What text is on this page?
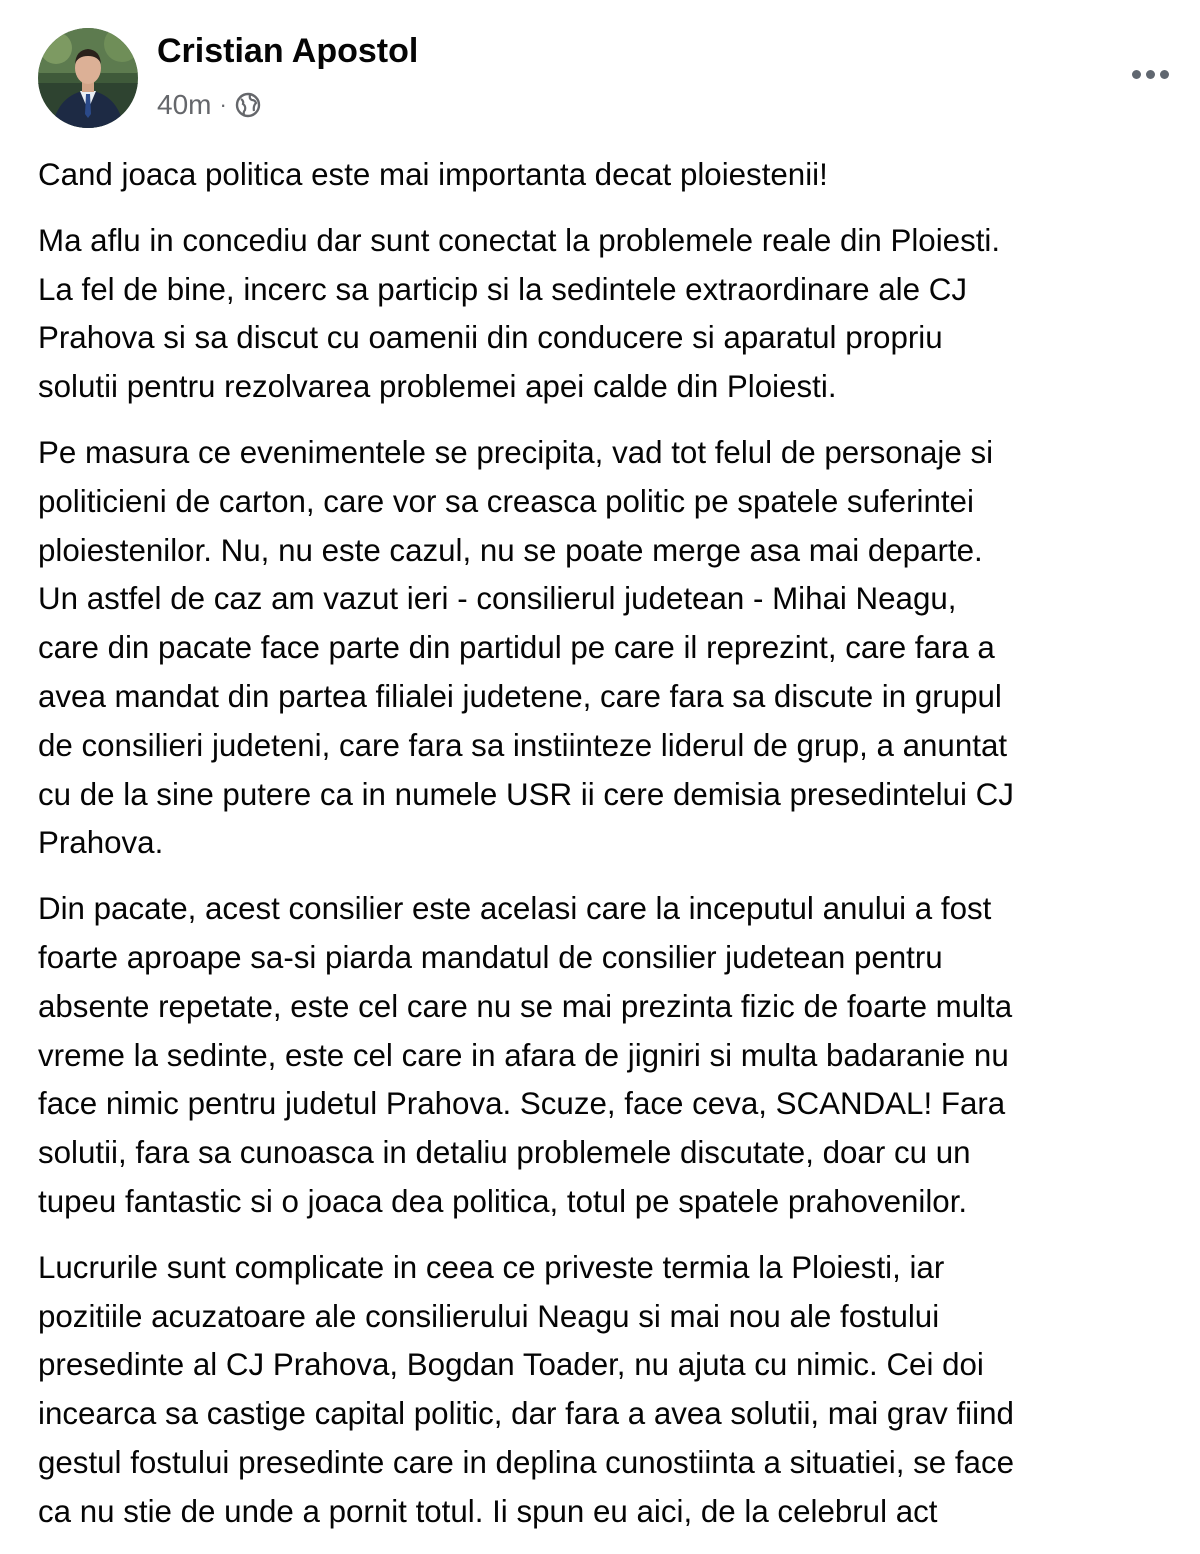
Cristian Apostol
40m ·

Cand joaca politica este mai importanta decat ploiestenii!

Ma aflu in concediu dar sunt conectat la problemele reale din Ploiesti.
La fel de bine, incerc sa particip si la sedintele extraordinare ale CJ
Prahova si sa discut cu oamenii din conducere si aparatul propriu
solutii pentru rezolvarea problemei apei calde din Ploiesti.

Pe masura ce evenimentele se precipita, vad tot felul de personaje si
politicieni de carton, care vor sa creasca politic pe spatele suferintei
ploiestenilor. Nu, nu este cazul, nu se poate merge asa mai departe.
Un astfel de caz am vazut ieri - consilierul judetean - Mihai Neagu,
care din pacate face parte din partidul pe care il reprezint, care fara a
avea mandat din partea filialei judetene, care fara sa discute in grupul
de consilieri judeteni, care fara sa instiinteze liderul de grup, a anuntat
cu de la sine putere ca in numele USR ii cere demisia presedintelui CJ
Prahova.

Din pacate, acest consilier este acelasi care la inceputul anului a fost
foarte aproape sa-si piarda mandatul de consilier judetean pentru
absente repetate, este cel care nu se mai prezinta fizic de foarte multa
vreme la sedinte, este cel care in afara de jigniri si multa badaranie nu
face nimic pentru judetul Prahova. Scuze, face ceva, SCANDAL! Fara
solutii, fara sa cunoasca in detaliu problemele discutate, doar cu un
tupeu fantastic si o joaca dea politica, totul pe spatele prahovenilor.

Lucrurile sunt complicate in ceea ce priveste termia la Ploiesti, iar
pozitiile acuzatoare ale consilierului Neagu si mai nou ale fostului
presedinte al CJ Prahova, Bogdan Toader, nu ajuta cu nimic. Cei doi
incearca sa castige capital politic, dar fara a avea solutii, mai grav fiind
gestul fostului presedinte care in deplina cunostiinta a situatiei, se face
ca nu stie de unde a pornit totul. Ii spun eu aici, de la celebrul act
